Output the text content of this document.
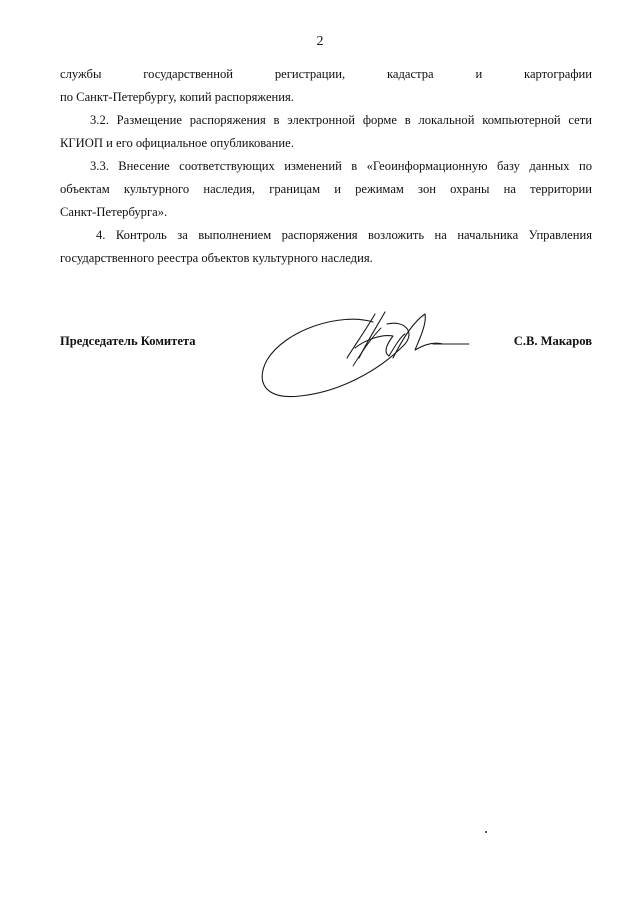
2
службы	государственной	регистрации,	кадастра	и	картографии
по Санкт-Петербургу, копий распоряжения.
3.2. Размещение распоряжения в электронной форме в локальной компьютерной сети
КГИОП и его официальное опубликование.
3.3. Внесение соответствующих изменений в «Геоинформационную базу данных по
объектам культурного наследия, границам и режимам зон охраны на территории
Санкт-Петербурга».
4. Контроль за выполнением распоряжения возложить на начальника Управления
государственного реестра объектов культурного наследия.
Председатель Комитета	С.В. Макаров
